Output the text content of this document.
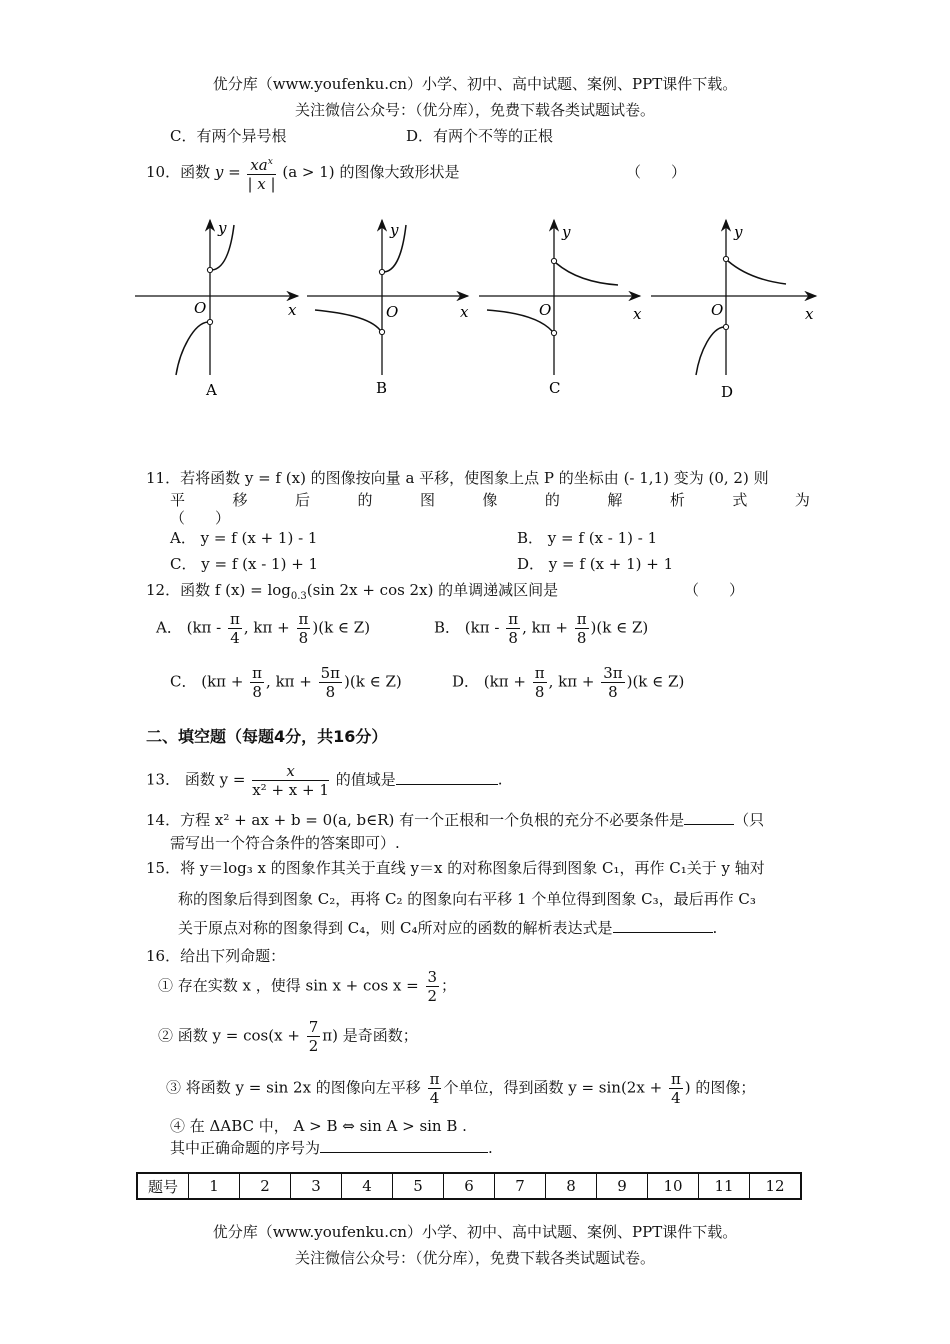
优分库（www.youfenku.cn）小学、初中、高中试题、案例、PPT课件下载。
关注微信公众号：（优分库），免费下载各类试题试卷。
C．有两个异号根	D．有两个不等的正根
10．函数 $y = \frac{xa^x}{| x |} (a > 1)$ 的图像大致形状是	（　　）
y
O	x
A
y
O	x
B
y
O	x
C
y
O	x
D
11．若将函数 y = f (x) 的图像按向量 a 平移，使图象上点 P 的坐标由 (- 1,1) 变为 (0, 2) 则
平	移	后	的	图	像	的	解	析	式	为
（　　）
A． y = f (x + 1) - 1	B． y = f (x - 1) - 1
C． y = f (x - 1) + 1	D． y = f (x + 1) + 1
12．函数 f $(x) = \log_{0.3}(\sin$ 2x + cos 2x) 的单调递减区间是	（　　）
A． ($k\pi - \frac{\pi}{4}$ , $k\pi + \frac{\pi}{8} )(k$ ∈ Z)	B． ($k\pi - \frac{\pi}{8}$ , $k\pi + \frac{\pi}{8} )(k$ ∈ Z)
C． ($k\pi + \frac{\pi}{8}$ , $k\pi + \frac{5\pi}{8} )(k$ ∈ Z)	D． ($k\pi + \frac{\pi}{8}$ , $k\pi + \frac{3\pi}{8} )(k$ ∈ Z)
二、填空题（每题4分，共16分）
13． 函数 $y = \frac{x}{\text{x² + x + 1}}$ 的值域是	.
14．方程 x² + ax + b = 0(a, b∈R) 有一个正根和一个负根的充分不必要条件是	（只
需写出一个符合条件的答案即可）.
15．将 y＝log₃ x 的图象作其关于直线 y＝x 的对称图象后得到图象 C₁，再作 C₁关于 y 轴对
称的图象后得到图象 C₂，再将 C₂ 的图象向右平移 1 个单位得到图象 C₃，最后再作 C₃
关于原点对称的图象得到 C₄，则 C₄所对应的函数的解析表达式是	.
16．给出下列命题：
① 存在实数 x ，使得 $\sin x + \cos x = \frac{3}{2}$ ；
② 函数 $y = \cos(x + \frac{7}{2} \pi)$ 是奇函数；
③ 将函数 y = sin 2x 的图像向左平移 $\frac{\pi}{4}$ 个单位，得到函数 $y = \sin(2x + \frac{\pi}{4}$ ) 的图像；
④ 在 ΔABC 中， A > B ⇔ sin A > sin B .
其中正确命题的序号为	.
题号	1	2	3	4	5	6	7	8	9	10	11	12
优分库（www.youfenku.cn）小学、初中、高中试题、案例、PPT课件下载。
关注微信公众号：（优分库），免费下载各类试题试卷。
